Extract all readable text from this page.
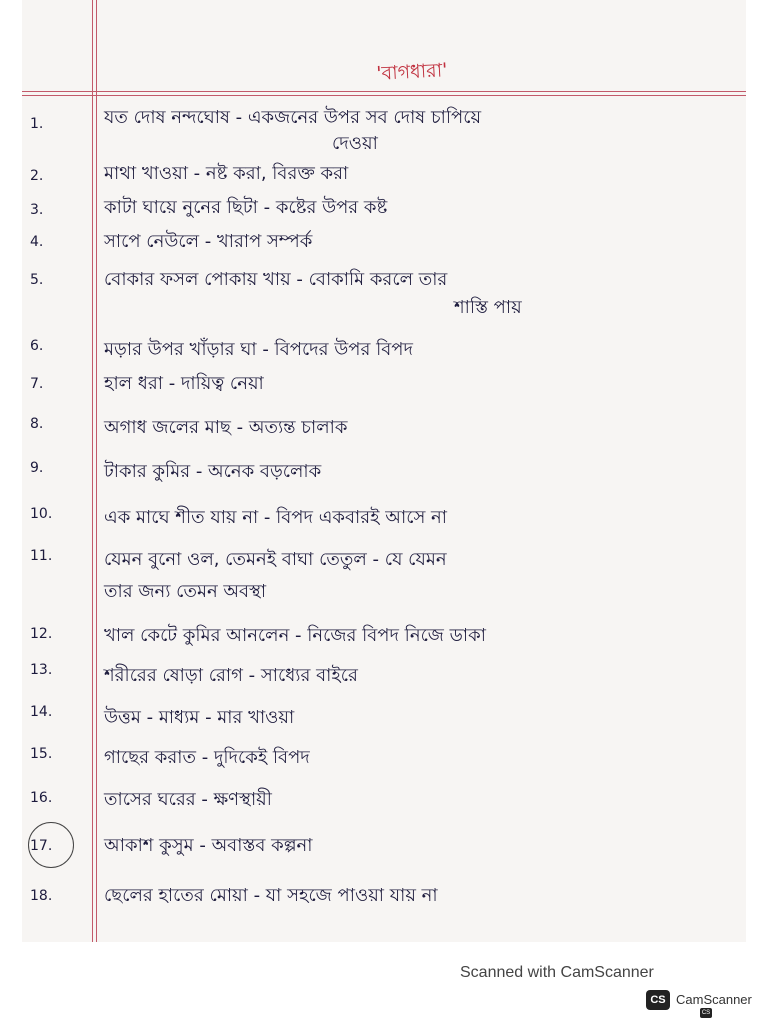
'বাগধারা'
1.	যত দোষ নন্দঘোষ - একজনের উপর সব দোষ চাপিয়ে
দেওয়া
2.	মাথা খাওয়া - নষ্ট করা, বিরক্ত করা
3.	কাটা ঘায়ে নুনের ছিটা - কষ্টের উপর কষ্ট
4.	সাপে নেউলে - খারাপ সম্পর্ক
5.	বোকার ফসল পোকায় খায় - বোকামি করলে তার
শাস্তি পায়
6.	মড়ার উপর খাঁড়ার ঘা - বিপদের উপর বিপদ
7.	হাল ধরা - দায়িত্ব নেয়া
8.	অগাধ জলের মাছ - অত্যন্ত চালাক
9.	টাকার কুমির - অনেক বড়লোক
10.	এক মাঘে শীত যায় না - বিপদ একবারই আসে না
11.	যেমন বুনো ওল, তেমনই বাঘা তেতুল - যে যেমন
তার জন্য তেমন অবস্থা
12.	খাল কেটে কুমির আনলেন - নিজের বিপদ নিজে ডাকা
13.	শরীরের ষোড়া রোগ - সাধ্যের বাইরে
14.	উত্তম - মাধ্যম - মার খাওয়া
15.	গাছের করাত - দুদিকেই বিপদ
16.	তাসের ঘরের - ক্ষণস্থায়ী
17.	আকাশ কুসুম - অবাস্তব কল্পনা
18.	ছেলের হাতের মোয়া - যা সহজে পাওয়া যায় না
Scanned with CamScanner
CS CamScanner
CS
